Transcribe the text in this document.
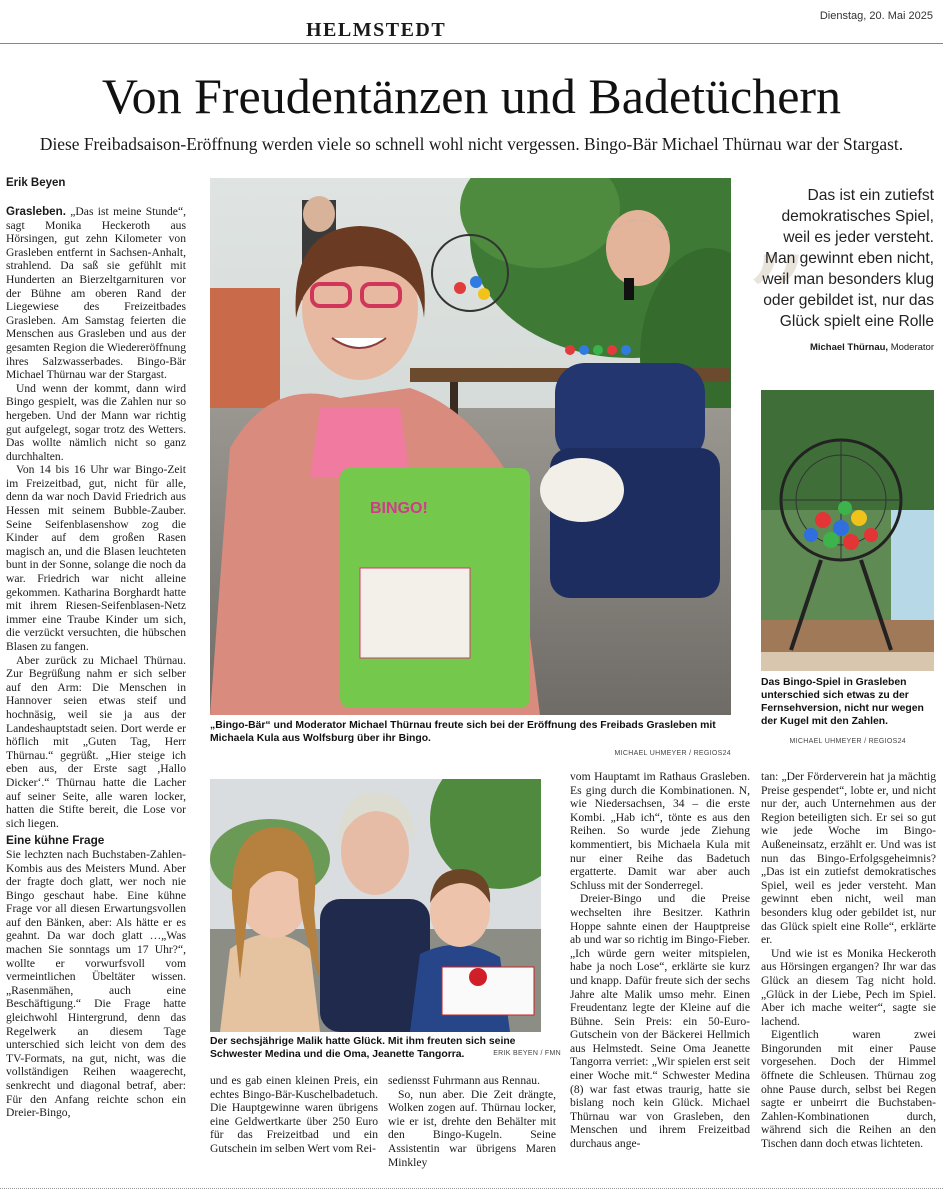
HELMSTEDT
Dienstag, 20. Mai 2025
Von Freudentänzen und Badetüchern
Diese Freibadsaison-Eröffnung werden viele so schnell wohl nicht vergessen. Bingo-Bär Michael Thürnau war der Stargast.
Erik Beyen

Grasleben. „Das ist meine Stunde“, sagt Monika Heckeroth aus Hörsingen, gut zehn Kilometer von Grasleben entfernt in Sachsen-Anhalt, strahlend. Da saß sie gefühlt mit Hunderten an Bierzeltgarnituren vor der Bühne am oberen Rand der Liegewiese des Freizeitbades Grasleben. Am Samstag feierten die Menschen aus Grasleben und aus der gesamten Region die Wiedereröffnung ihres Salzwasserbades. Bingo-Bär Michael Thürnau war der Stargast.

Und wenn der kommt, dann wird Bingo gespielt, was die Zahlen nur so hergeben. Und der Mann war richtig gut aufgelegt, sogar trotz des Wetters. Das wollte nämlich nicht so ganz durchhalten.

Von 14 bis 16 Uhr war Bingo-Zeit im Freizeitbad, gut, nicht für alle, denn da war noch David Friedrich aus Hessen mit seinem Bubble-Zauber. Seine Seifenblasenshow zog die Kinder auf dem großen Rasen magisch an, und die Blasen leuchteten bunt in der Sonne, solange die noch da war. Friedrich war nicht alleine gekommen. Katharina Borghardt hatte mit ihrem Riesen-Seifenblasen-Netz immer eine Traube Kinder um sich, die verzückt versuchten, die hübschen Blasen zu fangen.

Aber zurück zu Michael Thürnau. Zur Begrüßung nahm er sich selber auf den Arm: Die Menschen in Hannover seien etwas steif und hochnäsig, weil sie ja aus der Landeshauptstadt seien. Dort werde er höflich mit „Guten Tag, Herr Thürnau.“ gegrüßt. „Hier steige ich eben aus, der Erste sagt ,Hallo Dicker‘.“ Thürnau hatte die Lacher auf seiner Seite, alle waren locker, hatten die Stifte bereit, die Lose vor sich liegen.

Eine kühne Frage

Sie lechzten nach Buchstaben-Zahlen-Kombis aus des Meisters Mund. Aber der fragte doch glatt, wer noch nie Bingo geschaut habe. Eine kühne Frage vor all diesen Erwartungsvollen auf den Bänken, aber: Als hätte er es geahnt. Da war doch glatt …„Was machen Sie sonntags um 17 Uhr?“, wollte er vorwurfsvoll vom vermeintlichen Übeltäter wissen. „Rasenmähen, auch eine Beschäftigung.“ Die Frage hatte gleichwohl Hintergrund, denn das Regelwerk an diesem Tage unterschied sich leicht von dem des TV-Formats, na gut, nicht, was die vollständigen Reihen waagerecht, senkrecht und diagonal betraf, aber: Für den Anfang reichte schon ein Dreier-Bingo,

BINGO!
„Bingo-Bär“ und Moderator Michael Thürnau freute sich bei der Eröffnung des Freibads Grasleben mit Michaela Kula aus Wolfsburg über ihr Bingo.
MICHAEL UHMEYER / REGIOS24
„
Das ist ein zutiefst demokratisches Spiel, weil es jeder versteht. Man gewinnt eben nicht, weil man besonders klug oder gebildet ist, nur das Glück spielt eine Rolle
Michael Thürnau, Moderator
Das Bingo-Spiel in Grasleben unterschied sich etwas zu der Fernsehversion, nicht nur wegen der Kugel mit den Zahlen.
MICHAEL UHMEYER / REGIOS24
Der sechsjährige Malik hatte Glück. Mit ihm freuten sich seine Schwester Medina und die Oma, Jeanette Tangorra.	ERIK BEYEN / FMN

und es gab einen kleinen Preis, ein echtes Bingo-Bär-Kuschelbadetuch. Die Hauptgewinne waren übrigens eine Geldwertkarte über 250 Euro für das Freizeitbad und ein Gutschein im selben Wert vom Rei-

sediensst Fuhrmann aus Rennau.

So, nun aber. Die Zeit drängte, Wolken zogen auf. Thürnau locker, wie er ist, drehte den Behälter mit den Bingo-Kugeln. Seine Assistentin war übrigens Maren Minkley

vom Hauptamt im Rathaus Grasleben. Es ging durch die Kombinationen. N, wie Niedersachsen, 34 – die erste Kombi. „Hab ich“, tönte es aus den Reihen. So wurde jede Ziehung kommentiert, bis Michaela Kula mit nur einer Reihe das Badetuch ergatterte. Damit war aber auch Schluss mit der Sonderregel.

Dreier-Bingo und die Preise wechselten ihre Besitzer. Kathrin Hoppe sahnte einen der Hauptpreise ab und war so richtig im Bingo-Fieber. „Ich würde gern weiter mitspielen, habe ja noch Lose“, erklärte sie kurz und knapp. Dafür freute sich der sechs Jahre alte Malik umso mehr. Einen Freudentanz legte der Kleine auf die Bühne. Sein Preis: ein 50-Euro-Gutschein von der Bäckerei Hellmich aus Helmstedt. Seine Oma Jeanette Tangorra verriet: „Wir spielen erst seit einer Woche mit.“ Schwester Medina (8) war fast etwas traurig, hatte sie bislang noch kein Glück. Michael Thürnau war von Grasleben, den Menschen und ihrem Freizeitbad durchaus ange-

tan: „Der Förderverein hat ja mächtig Preise gespendet“, lobte er, und nicht nur der, auch Unternehmen aus der Region beteiligten sich. Er sei so gut wie jede Woche im Bingo-Außeneinsatz, erzählt er. Und was ist nun das Bingo-Erfolgsgeheimnis? „Das ist ein zutiefst demokratisches Spiel, weil es jeder versteht. Man gewinnt eben nicht, weil man besonders klug oder gebildet ist, nur das Glück spielt eine Rolle“, erklärte er.

Und wie ist es Monika Heckeroth aus Hörsingen ergangen? Ihr war das Glück an diesem Tag nicht hold. „Glück in der Liebe, Pech im Spiel. Aber ich mache weiter“, sagte sie lachend.

Eigentlich waren zwei Bingorunden mit einer Pause vorgesehen. Doch der Himmel öffnete die Schleusen. Thürnau zog ohne Pause durch, selbst bei Regen sagte er unbeirrt die Buchstaben-Zahlen-Kombinationen durch, während sich die Reihen an den Tischen dann doch etwas lichteten.
